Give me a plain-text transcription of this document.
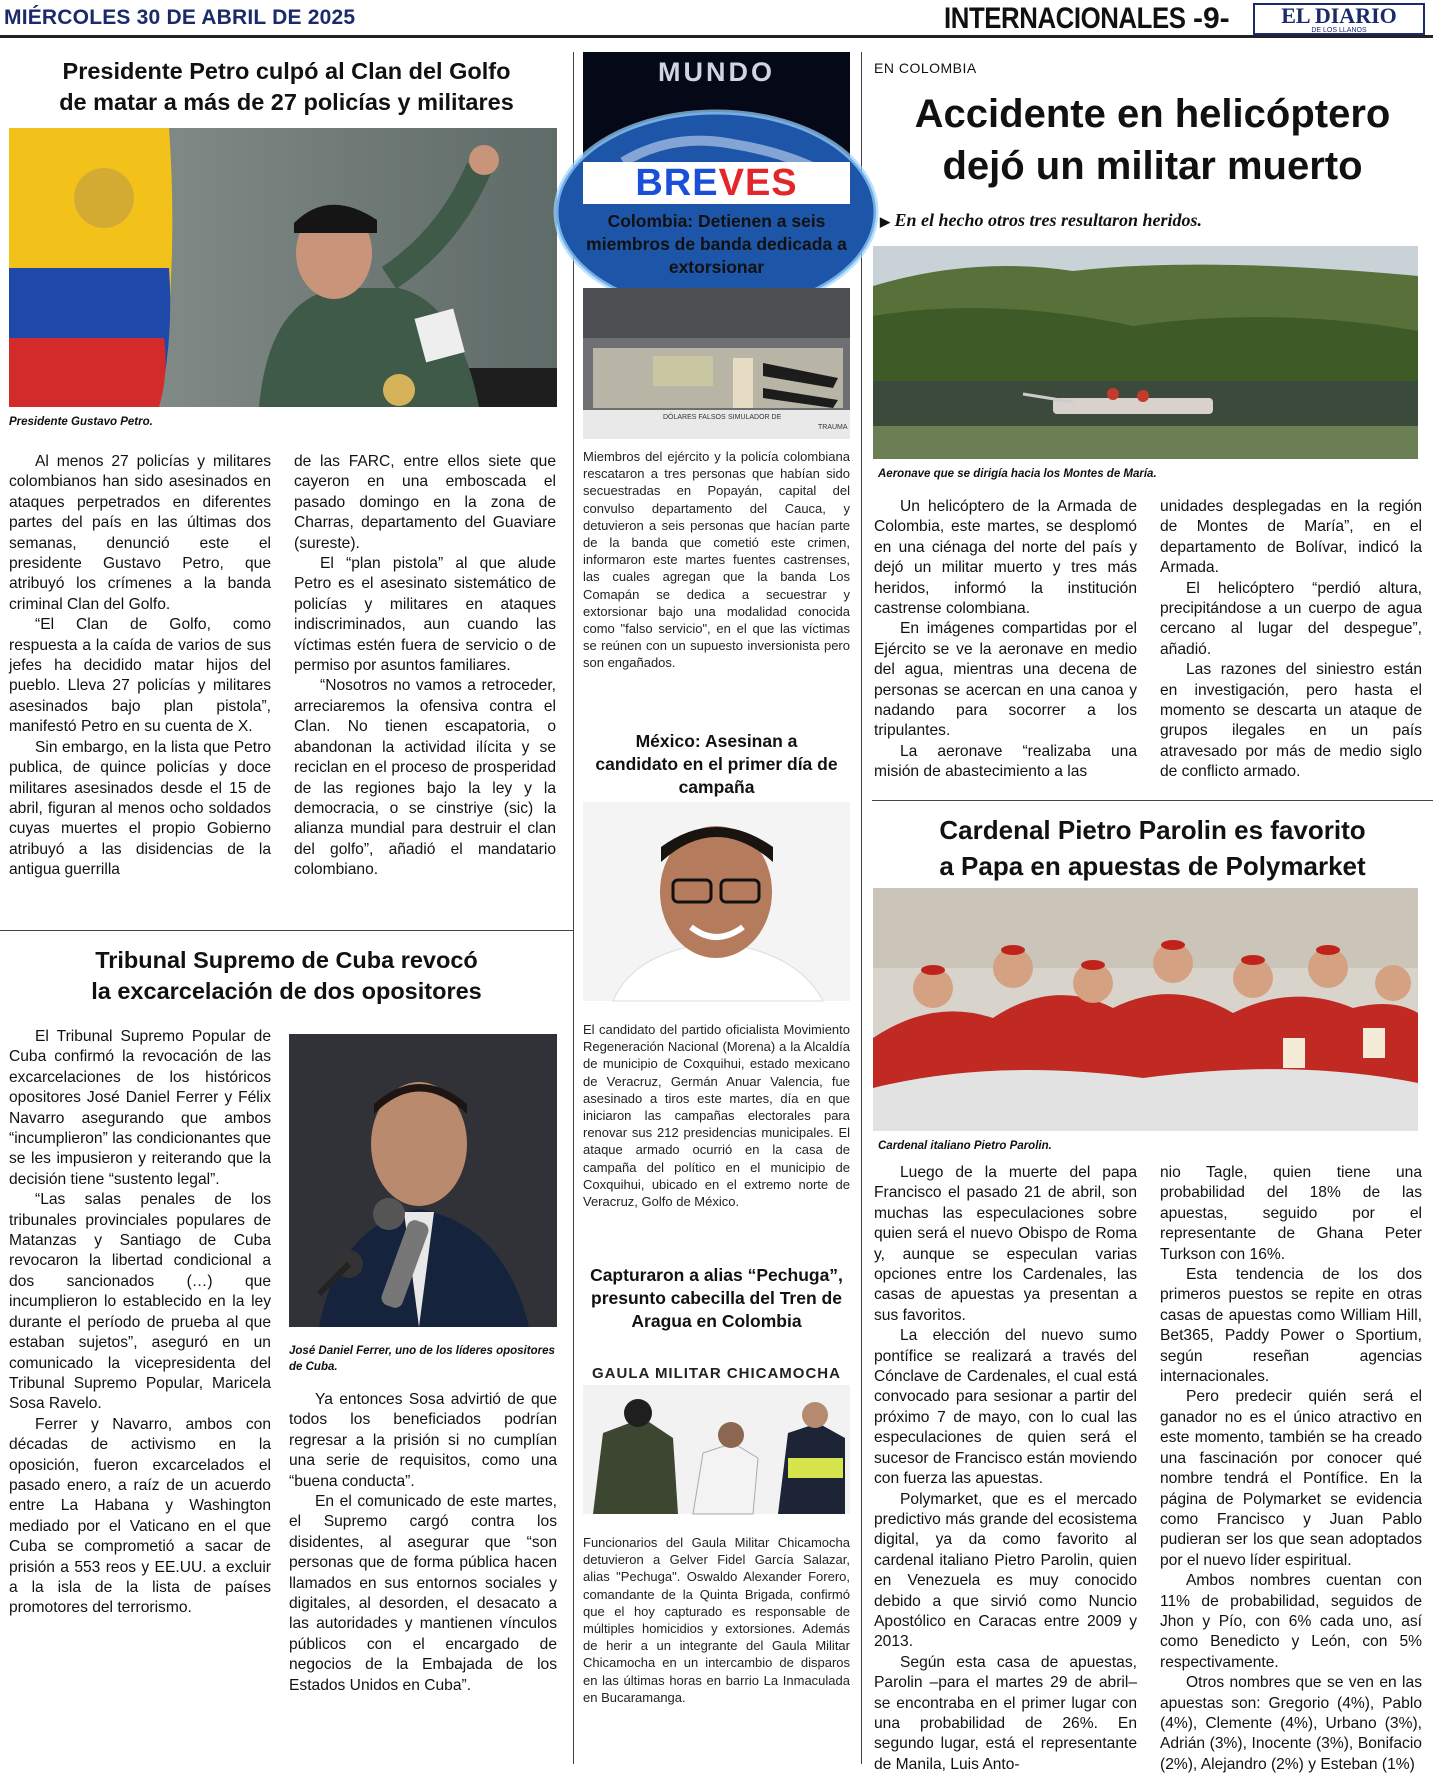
MIÉRCOLES 30 DE ABRIL DE 2025	INTERNACIONALES -9- EL DIARIO
DE LOS LLANOS
Presidente Petro culpó al Clan del Golfo
de matar a más de 27 policías y militares
Presidente Gustavo Petro.

Al menos 27 policías y militares colombianos han sido asesinados en ataques perpetrados en diferentes partes del país en las últimas dos semanas, denunció este el presidente Gustavo Petro, que atribuyó los crímenes a la banda criminal Clan del Golfo.

“El Clan de Golfo, como respuesta a la caída de varios de sus jefes ha decidido matar hijos del pueblo. Lleva 27 policías y militares asesinados bajo plan pistola”, manifestó Petro en su cuenta de X.

Sin embargo, en la lista que Petro publica, de quince policías y doce militares asesinados desde el 15 de abril, figuran al menos ocho soldados cuyas muertes el propio Gobierno atribuyó a las disidencias de la antigua guerrilla

de las FARC, entre ellos siete que cayeron en una emboscada el pasado domingo en la zona de Charras, departamento del Guaviare (sureste).

El “plan pistola” al que alude Petro es el asesinato sistemático de policías y militares en ataques indiscriminados, aun cuando las víctimas estén fuera de servicio o de permiso por asuntos familiares.

“Nosotros no vamos a retroceder, arreciaremos la ofensiva contra el Clan. No tienen escapatoria, o abandonan la actividad ilícita y se reciclan en el proceso de prosperidad de las regiones bajo la ley y la democracia, o se cinstriye (sic) la alianza mundial para destruir el clan del golfo”, añadió el mandatario colombiano.

Tribunal Supremo de Cuba revocó
la excarcelación de dos opositores

El Tribunal Supremo Popular de Cuba confirmó la revocación de las excarcelaciones de los históricos opositores José Daniel Ferrer y Félix Navarro asegurando que ambos “incumplieron” las condicionantes que se les impusieron y reiterando que la decisión tiene “sustento legal”.

“Las salas penales de los tribunales provinciales populares de Matanzas y Santiago de Cuba revocaron la libertad condicional a dos sancionados (…) que incumplieron lo establecido en la ley durante el período de prueba al que estaban sujetos”, aseguró en un comunicado la vicepresidenta del Tribunal Supremo Popular, Maricela Sosa Ravelo.

Ferrer y Navarro, ambos con décadas de activismo en la oposición, fueron excarcelados el pasado enero, a raíz de un acuerdo entre La Habana y Washington mediado por el Vaticano en el que Cuba se comprometió a sacar de prisión a 553 reos y EE.UU. a excluir a la isla de la lista de países promotores del terrorismo.

José Daniel Ferrer, uno de los líderes opositores de Cuba.

Ya entonces Sosa advirtió de que todos los beneficiados podrían regresar a la prisión si no cumplían una serie de requisitos, como una “buena conducta”.

En el comunicado de este martes, el Supremo cargó contra los disidentes, al asegurar que “son personas que de forma pública hacen llamados en sus entornos sociales y digitales, al desorden, el desacato a las autoridades y mantienen vínculos públicos con el encargado de negocios de la Embajada de los Estados Unidos en Cuba”.

MUNDO
BREVES
Colombia: Detienen a seis miembros de banda dedicada a extorsionar
DÓLARES FALSOS SIMULADOR DE
TRAUMA

Miembros del ejército y la policía colombiana rescataron a tres personas que habían sido secuestradas en Popayán, capital del convulso departamento del Cauca, y detuvieron a seis personas que hacían parte de la banda que cometió este crimen, informaron este martes fuentes castrenses, las cuales agregan que la banda Los Comapán se dedica a secuestrar y extorsionar bajo una modalidad conocida como "falso servicio", en el que las víctimas se reúnen con un supuesto inversionista pero son engañados.

México: Asesinan a candidato en el primer día de campaña

El candidato del partido oficialista Movimiento Regeneración Nacional (Morena) a la Alcaldía de municipio de Coxquihui, estado mexicano de Veracruz, Germán Anuar Valencia, fue asesinado a tiros este martes, día en que iniciaron las campañas electorales para renovar sus 212 presidencias municipales. El ataque armado ocurrió en la casa de campaña del político en el municipio de Coxquihui, ubicado en el extremo norte de Veracruz, Golfo de México.

Capturaron a alias “Pechuga”, presunto cabecilla del Tren de Aragua en Colombia
GAULA MILITAR CHICAMOCHA

Funcionarios del Gaula Militar Chicamocha detuvieron a Gelver Fidel García Salazar, alias "Pechuga". Oswaldo Alexander Forero, comandante de la Quinta Brigada, confirmó que el hoy capturado es responsable de múltiples homicidios y extorsiones. Además de herir a un integrante del Gaula Militar Chicamocha en un intercambio de disparos en las últimas horas en barrio La Inmaculada en Bucaramanga.

EN COLOMBIA
Accidente en helicóptero
dejó un militar muerto
▶ En el hecho otros tres resultaron heridos.
Aeronave que se dirigía hacia los Montes de María.

Un helicóptero de la Armada de Colombia, este martes, se desplomó en una ciénaga del norte del país y dejó un militar muerto y tres más heridos, informó la institución castrense colombiana.

En imágenes compartidas por el Ejército se ve la aeronave en medio del agua, mientras una decena de personas se acercan en una canoa y nadando para socorrer a los tripulantes.

La aeronave “realizaba una misión de abastecimiento a las

unidades desplegadas en la región de Montes de María”, en el departamento de Bolívar, indicó la Armada.

El helicóptero “perdió altura, precipitándose a un cuerpo de agua cercano al lugar del despegue”, añadió.

Las razones del siniestro están en investigación, pero hasta el momento se descarta un ataque de grupos ilegales en un país atravesado por más de medio siglo de conflicto armado.

Cardenal Pietro Parolin es favorito
a Papa en apuestas de Polymarket
Cardenal italiano Pietro Parolin.

Luego de la muerte del papa Francisco el pasado 21 de abril, son muchas las especulaciones sobre quien será el nuevo Obispo de Roma y, aunque se especulan varias opciones entre los Cardenales, las casas de apuestas ya presentan a sus favoritos.

La elección del nuevo sumo pontífice se realizará a través del Cónclave de Cardenales, el cual está convocado para sesionar a partir del próximo 7 de mayo, con lo cual las especulaciones de quien será el sucesor de Francisco están moviendo con fuerza las apuestas.

Polymarket, que es el mercado predictivo más grande del ecosistema digital, ya da como favorito al cardenal italiano Pietro Parolin, quien en Venezuela es muy conocido debido a que sirvió como Nuncio Apostólico en Caracas entre 2009 y 2013.

Según esta casa de apuestas, Parolin –para el martes 29 de abril– se encontraba en el primer lugar con una probabilidad de 26%. En segundo lugar, está el representante de Manila, Luis Anto-

nio Tagle, quien tiene una probabilidad del 18% de las apuestas, seguido por el representante de Ghana Peter Turkson con 16%.

Esta tendencia de los dos primeros puestos se repite en otras casas de apuestas como William Hill, Bet365, Paddy Power o Sportium, según reseñan agencias internacionales.

Pero predecir quién será el ganador no es el único atractivo en este momento, también se ha creado una fascinación por conocer qué nombre tendrá el Pontífice. En la página de Polymarket se evidencia como Francisco y Juan Pablo pudieran ser los que sean adoptados por el nuevo líder espiritual.

Ambos nombres cuentan con 11% de probabilidad, seguidos de Jhon y Pío, con 6% cada uno, así como Benedicto y León, con 5% respectivamente.

Otros nombres que se ven en las apuestas son: Gregorio (4%), Pablo (4%), Clemente (4%), Urbano (3%), Adrián (3%), Inocente (3%), Bonifacio (2%), Alejandro (2%) y Esteban (1%)
